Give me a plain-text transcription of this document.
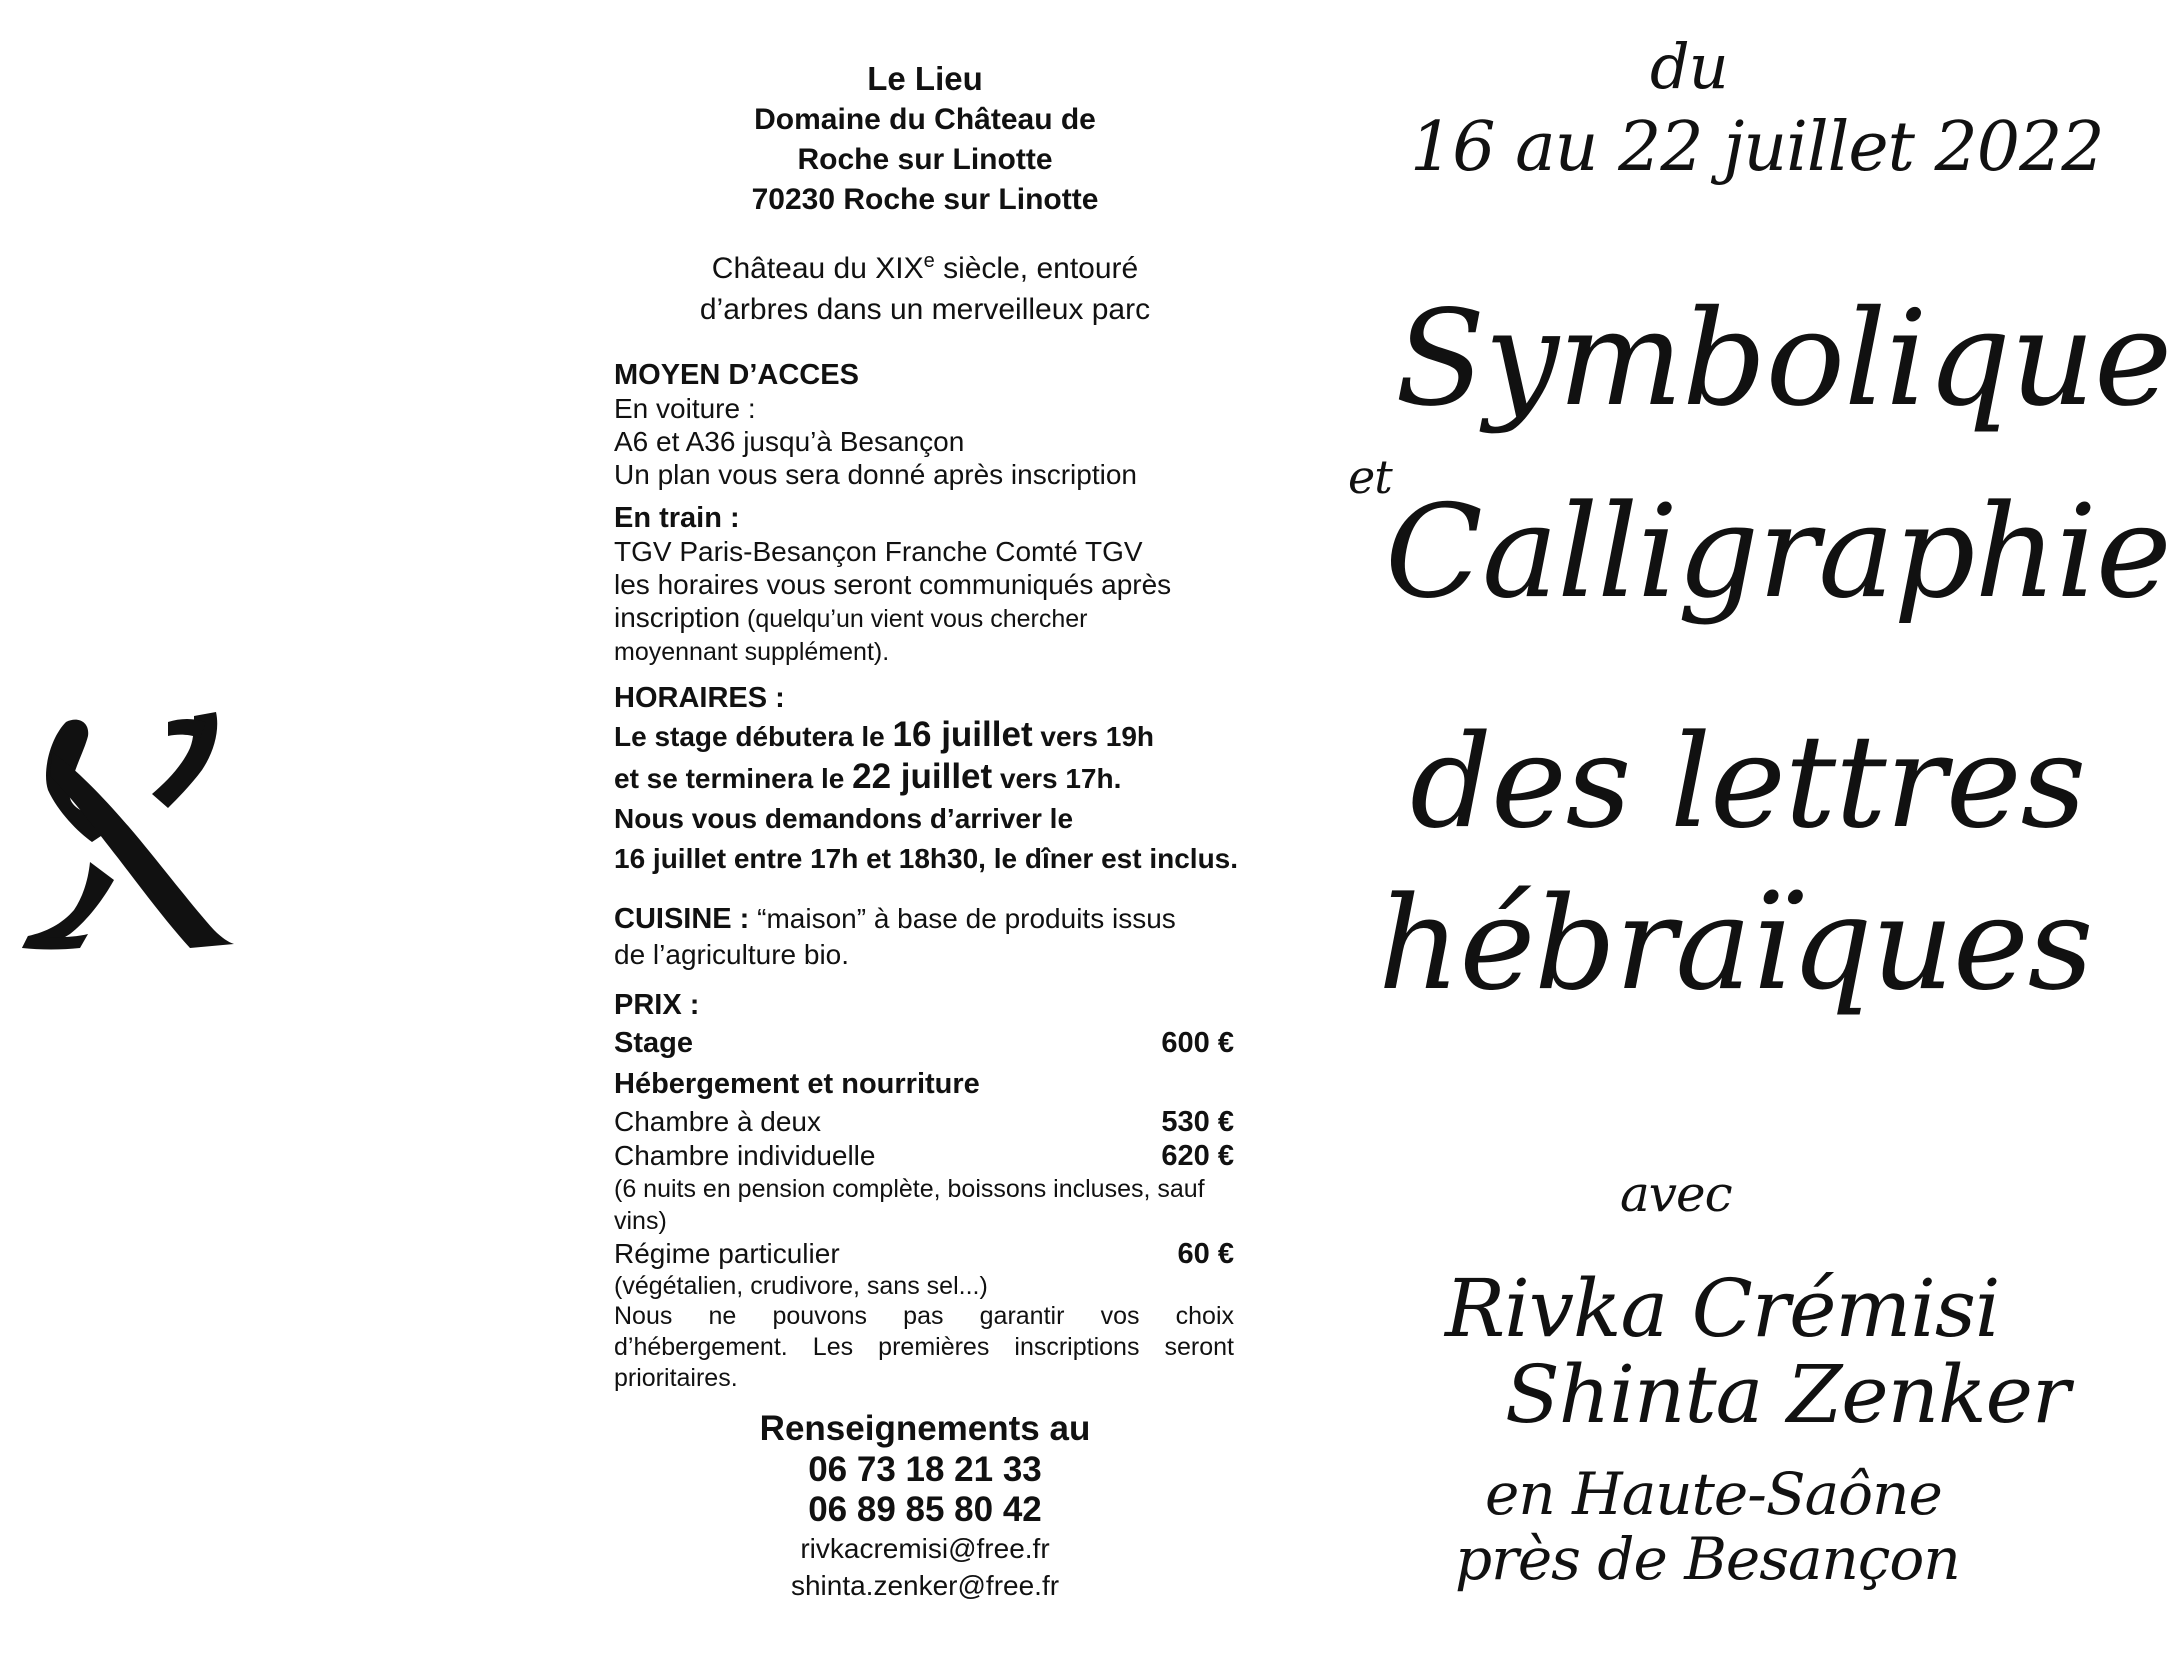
Le Lieu
Domaine du Château de
Roche sur Linotte
70230 Roche sur Linotte
Château du XIXe siècle, entouré
d’arbres dans un merveilleux parc
MOYEN D’ACCES
En voiture :
A6 et A36 jusqu’à Besançon
Un plan vous sera donné après inscription
En train :
TGV Paris-Besançon Franche Comté TGV
les horaires vous seront communiqués après
inscription (quelqu’un vient vous chercher
moyennant supplément).
HORAIRES :
Le stage débutera le 16 juillet vers 19h
et se terminera le 22 juillet vers 17h.
Nous vous demandons d’arriver le
16 juillet entre 17h et 18h30, le dîner est inclus.
CUISINE : “maison” à base de produits issus
de l’agriculture bio.
PRIX :
Stage	600 €
Hébergement et nourriture
Chambre à deux	530 €
Chambre individuelle	620 €
(6 nuits en pension complète, boissons incluses, sauf
vins)
Régime particulier	60 €
(végétalien, crudivore, sans sel...)
Nous ne pouvons pas garantir vos choix d’hébergement. Les premières inscriptions seront prioritaires.
Renseignements au
06 73 18 21 33
06 89 85 80 42
rivkacremisi@free.fr
shinta.zenker@free.fr
du
16 au 22 juillet 2022
Symbolique
et
Calligraphie
des lettres
hébraïques
avec
Rivka Crémisi
Shinta Zenker
en Haute-Saône
près de Besançon
